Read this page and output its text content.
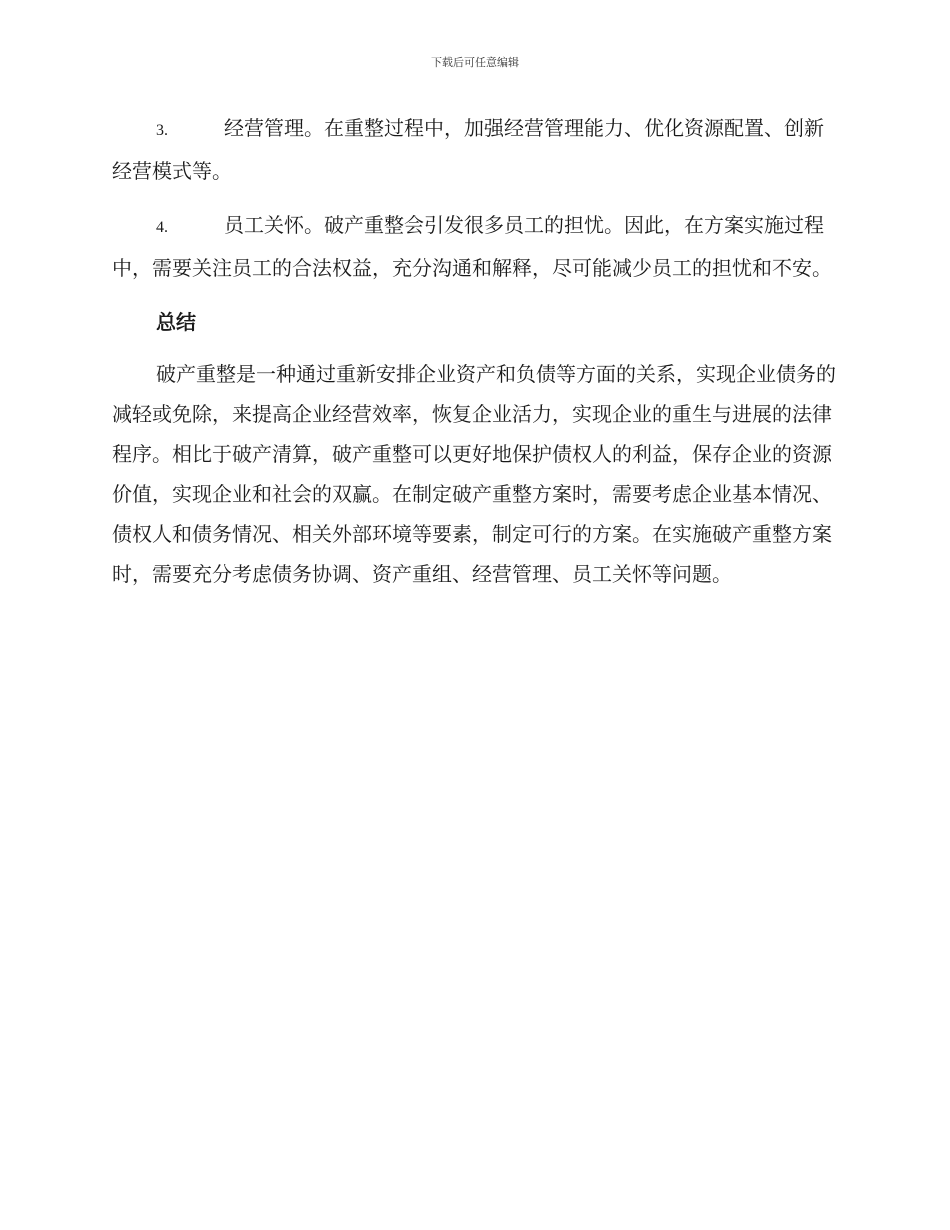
下载后可任意编辑

3.	经营管理。在重整过程中，加强经营管理能力、优化资源配置、创新经营模式等。

4.	员工关怀。破产重整会引发很多员工的担忧。因此，在方案实施过程中，需要关注员工的合法权益，充分沟通和解释，尽可能减少员工的担忧和不安。

总结

破产重整是一种通过重新安排企业资产和负债等方面的关系，实现企业债务的减轻或免除，来提高企业经营效率，恢复企业活力，实现企业的重生与进展的法律程序。相比于破产清算，破产重整可以更好地保护债权人的利益，保存企业的资源价值，实现企业和社会的双赢。在制定破产重整方案时，需要考虑企业基本情况、债权人和债务情况、相关外部环境等要素，制定可行的方案。在实施破产重整方案时，需要充分考虑债务协调、资产重组、经营管理、员工关怀等问题。
